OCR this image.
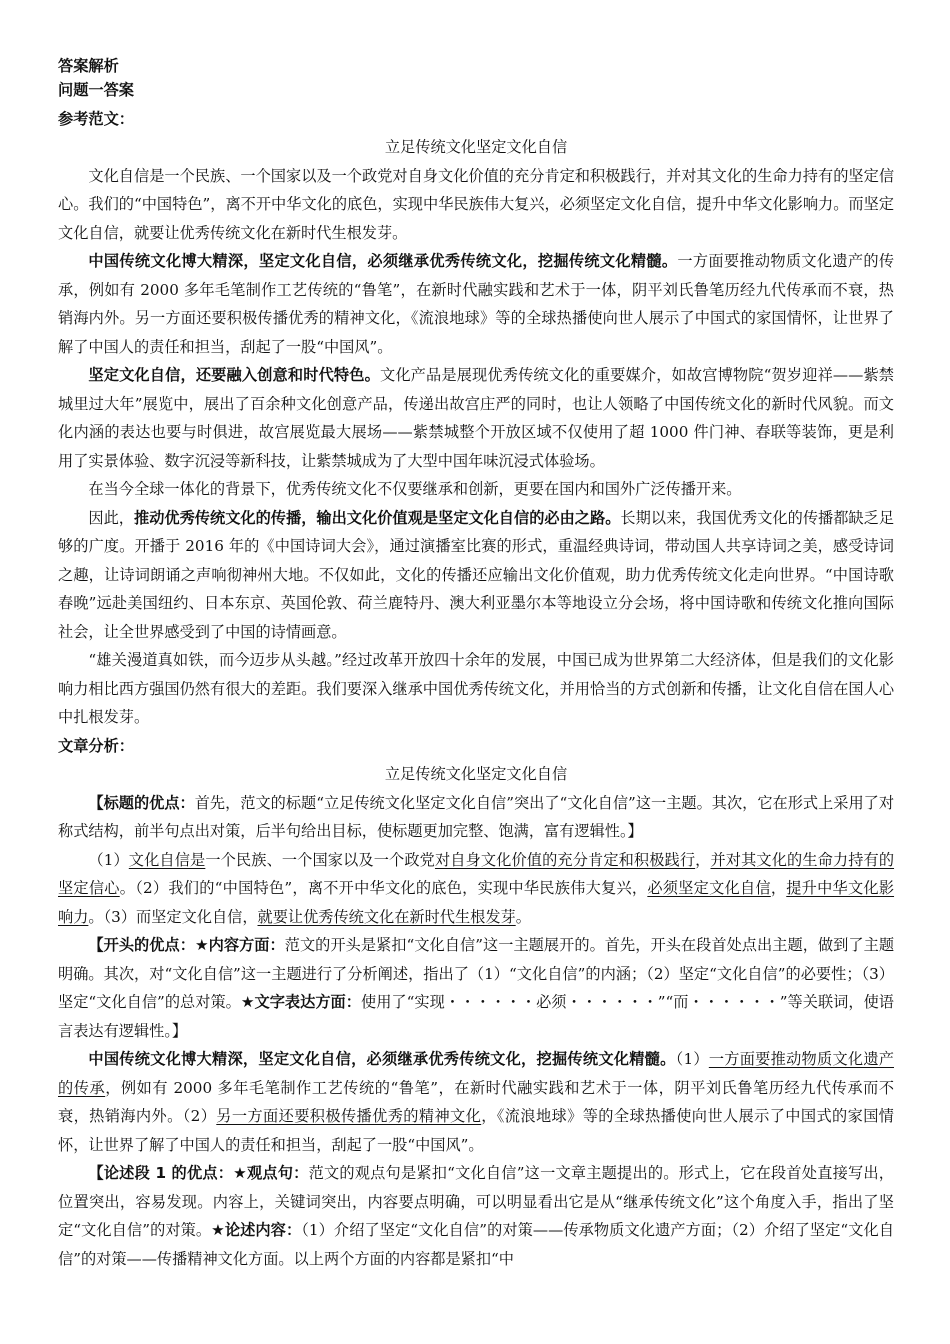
答案解析
问题一答案
参考范文：
立足传统文化坚定文化自信

文化自信是一个民族、一个国家以及一个政党对自身文化价值的充分肯定和积极践行，并对其文化的生命力持有的坚定信心。我们的“中国特色”，离不开中华文化的底色，实现中华民族伟大复兴，必须坚定文化自信，提升中华文化影响力。而坚定文化自信，就要让优秀传统文化在新时代生根发芽。

中国传统文化博大精深，坚定文化自信，必须继承优秀传统文化，挖掘传统文化精髓。一方面要推动物质文化遗产的传承，例如有 2000 多年毛笔制作工艺传统的“鲁笔”，在新时代融实践和艺术于一体，阴平刘氏鲁笔历经九代传承而不衰，热销海内外。另一方面还要积极传播优秀的精神文化，《流浪地球》等的全球热播使向世人展示了中国式的家国情怀，让世界了解了中国人的责任和担当，刮起了一股“中国风”。

坚定文化自信，还要融入创意和时代特色。文化产品是展现优秀传统文化的重要媒介，如故宫博物院“贺岁迎祥——紫禁城里过大年”展览中，展出了百余种文化创意产品，传递出故宫庄严的同时，也让人领略了中国传统文化的新时代风貌。而文化内涵的表达也要与时俱进，故宫展览最大展场——紫禁城整个开放区域不仅使用了超 1000 件门神、春联等装饰，更是利用了实景体验、数字沉浸等新科技，让紫禁城成为了大型中国年味沉浸式体验场。

在当今全球一体化的背景下，优秀传统文化不仅要继承和创新，更要在国内和国外广泛传播开来。

因此，推动优秀传统文化的传播，输出文化价值观是坚定文化自信的必由之路。长期以来，我国优秀文化的传播都缺乏足够的广度。开播于 2016 年的《中国诗词大会》，通过演播室比赛的形式，重温经典诗词，带动国人共享诗词之美，感受诗词之趣，让诗词朗诵之声响彻神州大地。不仅如此，文化的传播还应输出文化价值观，助力优秀传统文化走向世界。“中国诗歌春晚”远赴美国纽约、日本东京、英国伦敦、荷兰鹿特丹、澳大利亚墨尔本等地设立分会场，将中国诗歌和传统文化推向国际社会，让全世界感受到了中国的诗情画意。

“雄关漫道真如铁，而今迈步从头越。”经过改革开放四十余年的发展，中国已成为世界第二大经济体，但是我们的文化影响力相比西方强国仍然有很大的差距。我们要深入继承中国优秀传统文化，并用恰当的方式创新和传播，让文化自信在国人心中扎根发芽。

文章分析：
立足传统文化坚定文化自信

【标题的优点：首先，范文的标题“立足传统文化坚定文化自信”突出了“文化自信”这一主题。其次，它在形式上采用了对称式结构，前半句点出对策，后半句给出目标，使标题更加完整、饱满，富有逻辑性。】

（1）文化自信是一个民族、一个国家以及一个政党对自身文化价值的充分肯定和积极践行，并对其文化的生命力持有的坚定信心。（2）我们的“中国特色”，离不开中华文化的底色，实现中华民族伟大复兴，必须坚定文化自信，提升中华文化影响力。（3）而坚定文化自信，就要让优秀传统文化在新时代生根发芽。

【开头的优点：★内容方面：范文的开头是紧扣“文化自信”这一主题展开的。首先，开头在段首处点出主题，做到了主题明确。其次，对“文化自信”这一主题进行了分析阐述，指出了（1）“文化自信”的内涵；（2）坚定“文化自信”的必要性；（3）坚定“文化自信”的总对策。★文字表达方面：使用了“实现・・・・・・必须・・・・・・”“而・・・・・・”等关联词，使语言表达有逻辑性。】

中国传统文化博大精深，坚定文化自信，必须继承优秀传统文化，挖掘传统文化精髓。（1）一方面要推动物质文化遗产的传承，例如有 2000 多年毛笔制作工艺传统的“鲁笔”，在新时代融实践和艺术于一体，阴平刘氏鲁笔历经九代传承而不衰，热销海内外。（2）另一方面还要积极传播优秀的精神文化，《流浪地球》等的全球热播使向世人展示了中国式的家国情怀，让世界了解了中国人的责任和担当，刮起了一股“中国风”。

【论述段 1 的优点：★观点句：范文的观点句是紧扣“文化自信”这一文章主题提出的。形式上，它在段首处直接写出，位置突出，容易发现。内容上，关键词突出，内容要点明确，可以明显看出它是从“继承传统文化”这个角度入手，指出了坚定“文化自信”的对策。★论述内容：（1）介绍了坚定“文化自信”的对策——传承物质文化遗产方面；（2）介绍了坚定“文化自信”的对策——传播精神文化方面。以上两个方面的内容都是紧扣“中
